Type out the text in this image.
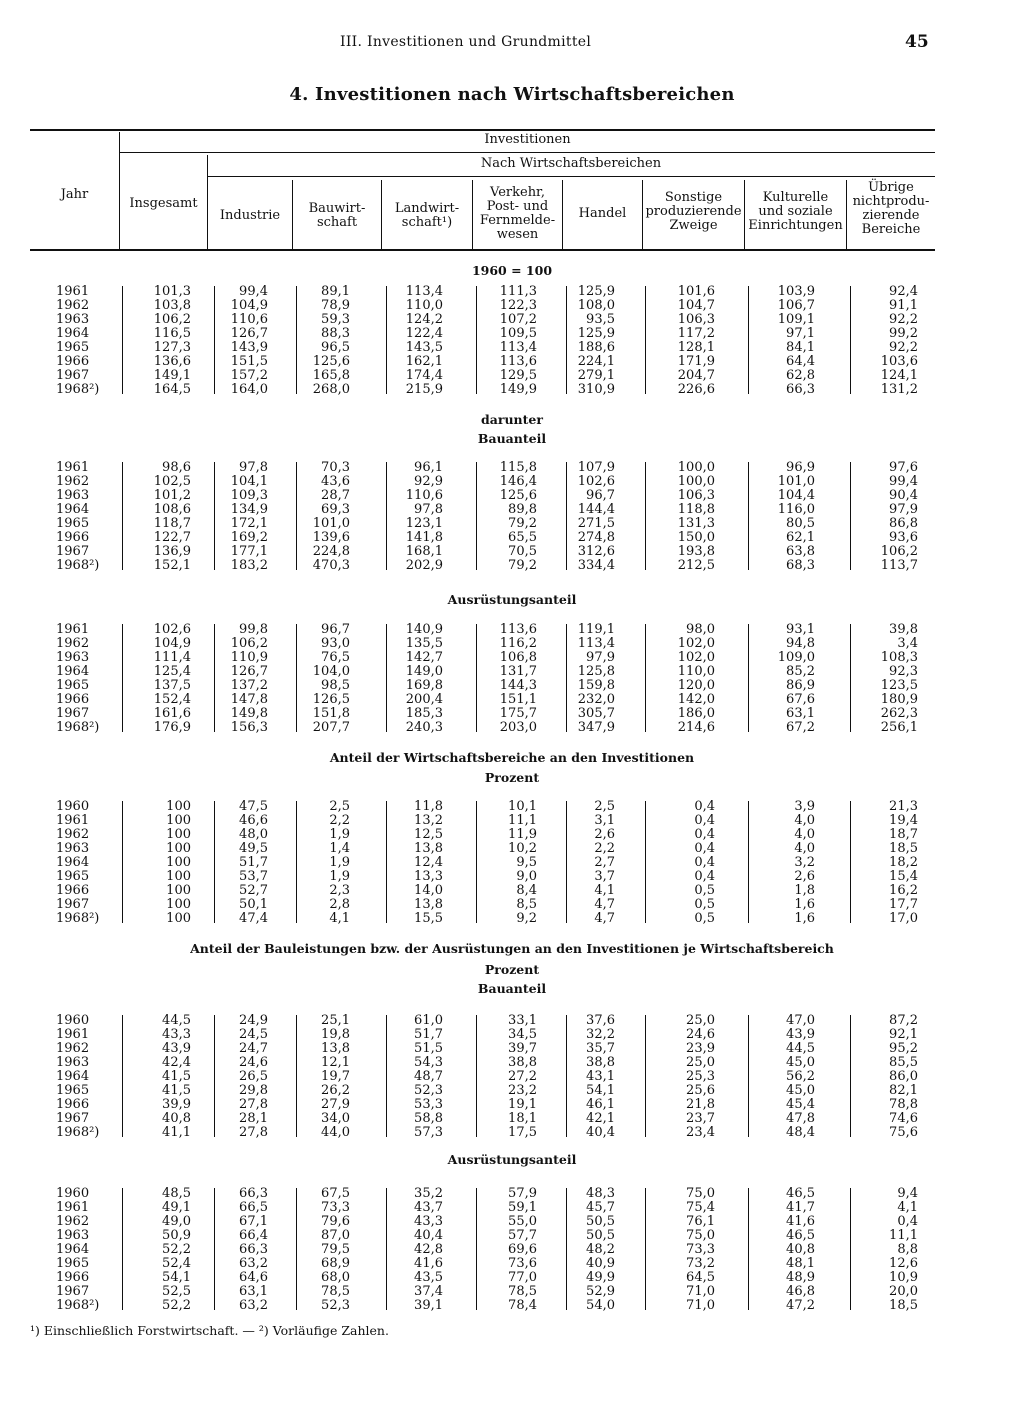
III. Investitionen und Grundmittel	45
4. Investitionen nach Wirtschaftsbereichen
Jahr
Investitionen
Nach Wirtschaftsbereichen
Insgesamt
Industrie	Bauwirt-
schaft
Landwirt-
schaft¹)
Verkehr,
Post- und
Fernmelde-
wesen
Handel
Sonstige
produzierende
Zweige
Kulturelle
und soziale
Einrichtungen
Übrige
nichtprodu-
zierende
Bereiche
1960 = 100
1961
1962
1963
1964
1965
1966
1967
1968²)
101,3
103,8
106,2
116,5
127,3
136,6
149,1
164,5
99,4
104,9
110,6
126,7
143,9
151,5
157,2
164,0
89,1
78,9
59,3
88,3
96,5
125,6
165,8
268,0
113,4
110,0
124,2
122,4
143,5
162,1
174,4
215,9
111,3
122,3
107,2
109,5
113,4
113,6
129,5
149,9
125,9
108,0
93,5
125,9
188,6
224,1
279,1
310,9
101,6
104,7
106,3
117,2
128,1
171,9
204,7
226,6
103,9
106,7
109,1
97,1
84,1
64,4
62,8
66,3
92,4
91,1
92,2
99,2
92,2
103,6
124,1
131,2
darunter
Bauanteil
1961
1962
1963
1964
1965
1966
1967
1968²)
98,6
102,5
101,2
108,6
118,7
122,7
136,9
152,1
97,8
104,1
109,3
134,9
172,1
169,2
177,1
183,2
70,3
43,6
28,7
69,3
101,0
139,6
224,8
470,3
96,1
92,9
110,6
97,8
123,1
141,8
168,1
202,9
115,8
146,4
125,6
89,8
79,2
65,5
70,5
79,2
107,9
102,6
96,7
144,4
271,5
274,8
312,6
334,4
100,0
100,0
106,3
118,8
131,3
150,0
193,8
212,5
96,9
101,0
104,4
116,0
80,5
62,1
63,8
68,3
97,6
99,4
90,4
97,9
86,8
93,6
106,2
113,7
Ausrüstungsanteil
1961
1962
1963
1964
1965
1966
1967
1968²)
102,6
104,9
111,4
125,4
137,5
152,4
161,6
176,9
99,8
106,2
110,9
126,7
137,2
147,8
149,8
156,3
96,7
93,0
76,5
104,0
98,5
126,5
151,8
207,7
140,9
135,5
142,7
149,0
169,8
200,4
185,3
240,3
113,6
116,2
106,8
131,7
144,3
151,1
175,7
203,0
119,1
113,4
97,9
125,8
159,8
232,0
305,7
347,9
98,0
102,0
102,0
110,0
120,0
142,0
186,0
214,6
93,1
94,8
109,0
85,2
86,9
67,6
63,1
67,2
39,8
3,4
108,3
92,3
123,5
180,9
262,3
256,1
Anteil der Wirtschaftsbereiche an den Investitionen
Prozent
1960
1961
1962
1963
1964
1965
1966
1967
1968²)
100
100
100
100
100
100
100
100
100
47,5
46,6
48,0
49,5
51,7
53,7
52,7
50,1
47,4
2,5
2,2
1,9
1,4
1,9
1,9
2,3
2,8
4,1
11,8
13,2
12,5
13,8
12,4
13,3
14,0
13,8
15,5
10,1
11,1
11,9
10,2
9,5
9,0
8,4
8,5
9,2
2,5
3,1
2,6
2,2
2,7
3,7
4,1
4,7
4,7
0,4
0,4
0,4
0,4
0,4
0,4
0,5
0,5
0,5
3,9
4,0
4,0
4,0
3,2
2,6
1,8
1,6
1,6
21,3
19,4
18,7
18,5
18,2
15,4
16,2
17,7
17,0
Anteil der Bauleistungen bzw. der Ausrüstungen an den Investitionen je Wirtschaftsbereich
Prozent
Bauanteil
1960
1961
1962
1963
1964
1965
1966
1967
1968²)
44,5
43,3
43,9
42,4
41,5
41,5
39,9
40,8
41,1
24,9
24,5
24,7
24,6
26,5
29,8
27,8
28,1
27,8
25,1
19,8
13,8
12,1
19,7
26,2
27,9
34,0
44,0
61,0
51,7
51,5
54,3
48,7
52,3
53,3
58,8
57,3
33,1
34,5
39,7
38,8
27,2
23,2
19,1
18,1
17,5
37,6
32,2
35,7
38,8
43,1
54,1
46,1
42,1
40,4
25,0
24,6
23,9
25,0
25,3
25,6
21,8
23,7
23,4
47,0
43,9
44,5
45,0
56,2
45,0
45,4
47,8
48,4
87,2
92,1
95,2
85,5
86,0
82,1
78,8
74,6
75,6
Ausrüstungsanteil
1960
1961
1962
1963
1964
1965
1966
1967
1968²)
48,5
49,1
49,0
50,9
52,2
52,4
54,1
52,5
52,2
66,3
66,5
67,1
66,4
66,3
63,2
64,6
63,1
63,2
67,5
73,3
79,6
87,0
79,5
68,9
68,0
78,5
52,3
35,2
43,7
43,3
40,4
42,8
41,6
43,5
37,4
39,1
57,9
59,1
55,0
57,7
69,6
73,6
77,0
78,5
78,4
48,3
45,7
50,5
50,5
48,2
40,9
49,9
52,9
54,0
75,0
75,4
76,1
75,0
73,3
73,2
64,5
71,0
71,0
46,5
41,7
41,6
46,5
40,8
48,1
48,9
46,8
47,2
9,4
4,1
0,4
11,1
8,8
12,6
10,9
20,0
18,5
¹) Einschließlich Forstwirtschaft. — ²) Vorläufige Zahlen.
